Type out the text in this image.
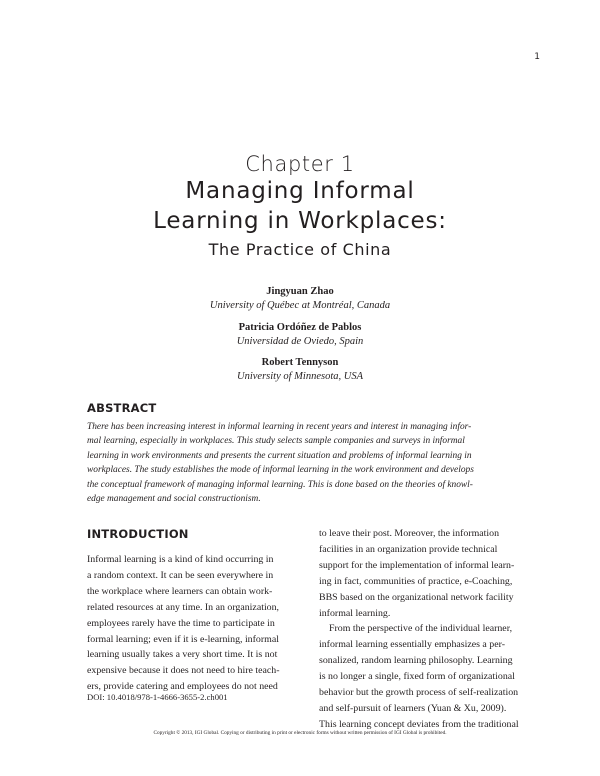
1
Chapter 1
Managing Informal
Learning in Workplaces:
The Practice of China
Jingyuan Zhao
University of Québec at Montréal, Canada
Patricia Ordóñez de Pablos
Universidad de Oviedo, Spain
Robert Tennyson
University of Minnesota, USA
ABSTRACT
There has been increasing interest in informal learning in recent years and interest in managing infor-
mal learning, especially in workplaces. This study selects sample companies and surveys in informal
learning in work environments and presents the current situation and problems of informal learning in
workplaces. The study establishes the mode of informal learning in the work environment and develops
the conceptual framework of managing informal learning. This is done based on the theories of knowl-
edge management and social constructionism.
INTRODUCTION
Informal learning is a kind of kind occurring in
a random context. It can be seen everywhere in
the workplace where learners can obtain work-
related resources at any time. In an organization,
employees rarely have the time to participate in
formal learning; even if it is e-learning, informal
learning usually takes a very short time. It is not
expensive because it does not need to hire teach-
ers, provide catering and employees do not need
to leave their post. Moreover, the information
facilities in an organization provide technical
support for the implementation of informal learn-
ing in fact, communities of practice, e-Coaching,
BBS based on the organizational network facility
informal learning.
From the perspective of the individual learner,
informal learning essentially emphasizes a per-
sonalized, random learning philosophy. Learning
is no longer a single, fixed form of organizational
behavior but the growth process of self-realization
and self-pursuit of learners (Yuan & Xu, 2009).
This learning concept deviates from the traditional
DOI: 10.4018/978-1-4666-3655-2.ch001
Copyright © 2013, IGI Global. Copying or distributing in print or electronic forms without written permission of IGI Global is prohibited.
